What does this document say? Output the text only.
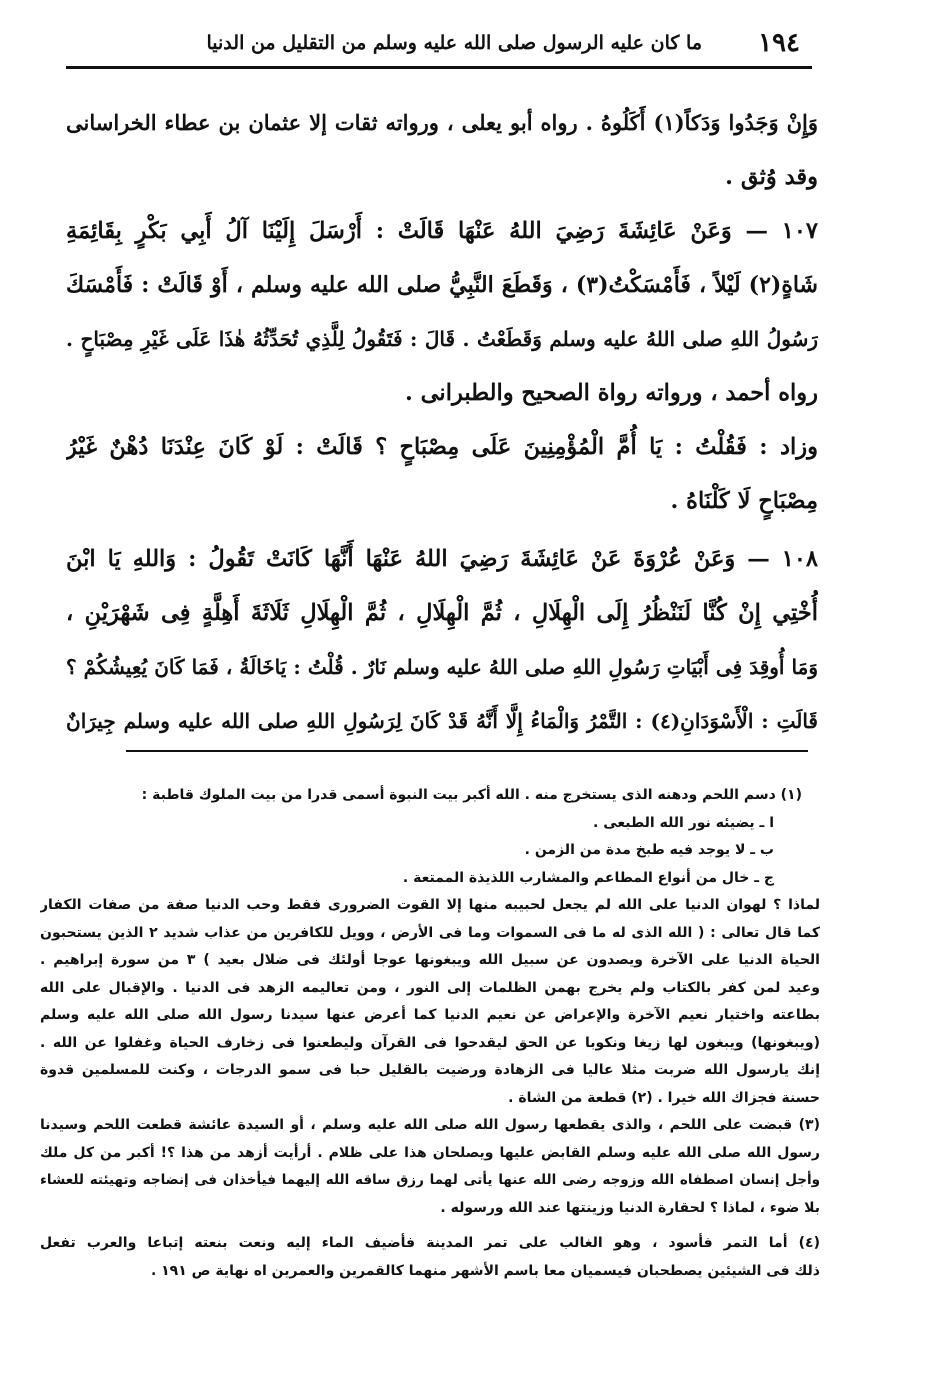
١٩٤
ما كان عليه الرسول صلى الله عليه وسلم من التقليل من الدنيا
وَإِنْ وَجَدُوا وَدَكاً(١) أَكَلُوهُ . رواه أبو يعلى ، ورواته ثقات إلا عثمان بن عطاء الخراسانى
وقد وُثق .
١٠٧ — وَعَنْ عَائِشَةَ رَضِيَ اللهُ عَنْهَا قَالَتْ : أَرْسَلَ إِلَيْنَا آلُ أَبِي بَكْرٍ بِقَائِمَةِ
شَاةٍ(٢) لَيْلاً ، فَأَمْسَكْتُ(٣) ، وَقَطَعَ النَّبِيُّ صلى الله عليه وسلم ، أَوْ قَالَتْ : فَأَمْسَكَ
رَسُولُ اللهِ صلى اللهُ عليه وسلم وَقَطَعْتُ . قَالَ : فَتَقُولُ لِلَّذِي تُحَدِّثُهُ هٰذَا عَلَى غَيْرِ مِصْبَاحٍ .
رواه أحمد ، ورواته رواة الصحيح والطبرانى .
وزاد : فَقُلْتُ : يَا أُمَّ الْمُؤْمِنِينَ عَلَى مِصْبَاحٍ ؟ قَالَتْ : لَوْ كَانَ عِنْدَنَا دُهْنٌ غَيْرُ
مِصْبَاحٍ لَا كَلْنَاهُ .
١٠٨ — وَعَنْ عُرْوَةَ عَنْ عَائِشَةَ رَضِيَ اللهُ عَنْهَا أَنَّهَا كَانَتْ تَقُولُ : وَاللهِ يَا ابْنَ
أُخْتِي إِنْ كُنَّا لَنَنْظُرُ إِلَى الْهِلَالِ ، ثُمَّ الْهِلَالِ ، ثُمَّ الْهِلَالِ ثَلَاثَةَ أَهِلَّةٍ فِى شَهْرَيْنِ ،
وَمَا أُوقِدَ فِى أَبْيَاتِ رَسُولِ اللهِ صلى اللهُ عليه وسلم نَارٌ . قُلْتُ : يَاخَالَةُ ، فَمَا كَانَ يُعِيشُكُمْ ؟
قَالَتِ : الْأَسْوَدَانِ(٤) : التَّمْرُ وَالْمَاءُ إِلَّا أَنَّهُ قَدْ كَانَ لِرَسُولِ اللهِ صلى الله عليه وسلم جِيرَانٌ
(١) دسم اللحم ودهنه الذى يستخرج منه . الله أكبر بيت النبوة أسمى قدرا من بيت الملوك قاطبة :
ا ـ يضيئه نور الله الطبعى .
ب ـ لا يوجد فيه طبخ مدة من الزمن .
ج ـ خال من أنواع المطاعم والمشارب اللذيذة الممتعة .
لماذا ؟ لهوان الدنيا على الله لم يجعل لحبيبه منها إلا القوت الضرورى فقط وحب الدنيا صفة من صفات الكفار
كما قال تعالى : ( الله الذى له ما فى السموات وما فى الأرض ، وويل للكافرين من عذاب شديد ٢ الذين يستحبون
الحياة الدنيا على الآخرة ويصدون عن سبيل الله ويبغونها عوجا أولئك فى ضلال بعيد ) ٣ من سورة إبراهيم .
وعيد لمن كفر بالكتاب ولم يخرج بهمن الظلمات إلى النور ، ومن تعاليمه الزهد فى الدنيا . والإقبال على الله
بطاعته واختيار نعيم الآخرة والإعراض عن نعيم الدنيا كما أعرض عنها سيدنا رسول الله صلى الله عليه وسلم
(ويبغونها) ويبغون لها زيغا ونكوبا عن الحق ليقدحوا فى القرآن وليطعنوا فى زخارف الحياة وغفلوا عن الله .
إنك يارسول الله ضربت مثلا عاليا فى الزهادة ورضيت بالقليل حبا فى سمو الدرجات ، وكنت للمسلمين قدوة
حسنة فجزاك الله خيرا . (٢) قطعة من الشاة .
(٣) قبضت على اللحم ، والذى يقطعها رسول الله صلى الله عليه وسلم ، أو السيدة عائشة قطعت اللحم وسيدنا
رسول الله صلى الله عليه وسلم القابض عليها ويصلحان هذا على ظلام . أرأيت أزهد من هذا ؟! أكبر من كل ملك
وأجل إنسان اصطفاه الله وزوجه رضى الله عنها يأتى لهما رزق ساقه الله إليهما فيأخذان فى إنضاجه وتهيئته للعشاء
بلا ضوء ، لماذا ؟ لحقارة الدنيا وزينتها عند الله ورسوله .
(٤) أما التمر فأسود ، وهو الغالب على تمر المدينة فأضيف الماء إليه ونعت بنعته إتباعا والعرب تفعل
ذلك فى الشيئين يصطحبان فيسميان معا باسم الأشهر منهما كالقمرين والعمرين اه نهاية ص ١٩١ .
